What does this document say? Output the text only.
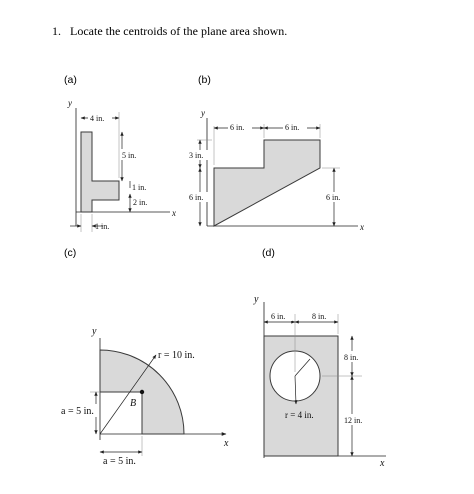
1. Locate the centroids of the plane area shown.
(a)	(b)
(c)	(d)
y
x
4 in.
5 in.
1 in.
2 in.
1 in.
y
x
6 in.	6 in.
3 in.
6 in.	6 in.
y
x
r = 10 in.
B
a = 5 in.
a = 5 in.
y
x
r = 4 in.
6 in.	8 in.
8 in.
12 in.
